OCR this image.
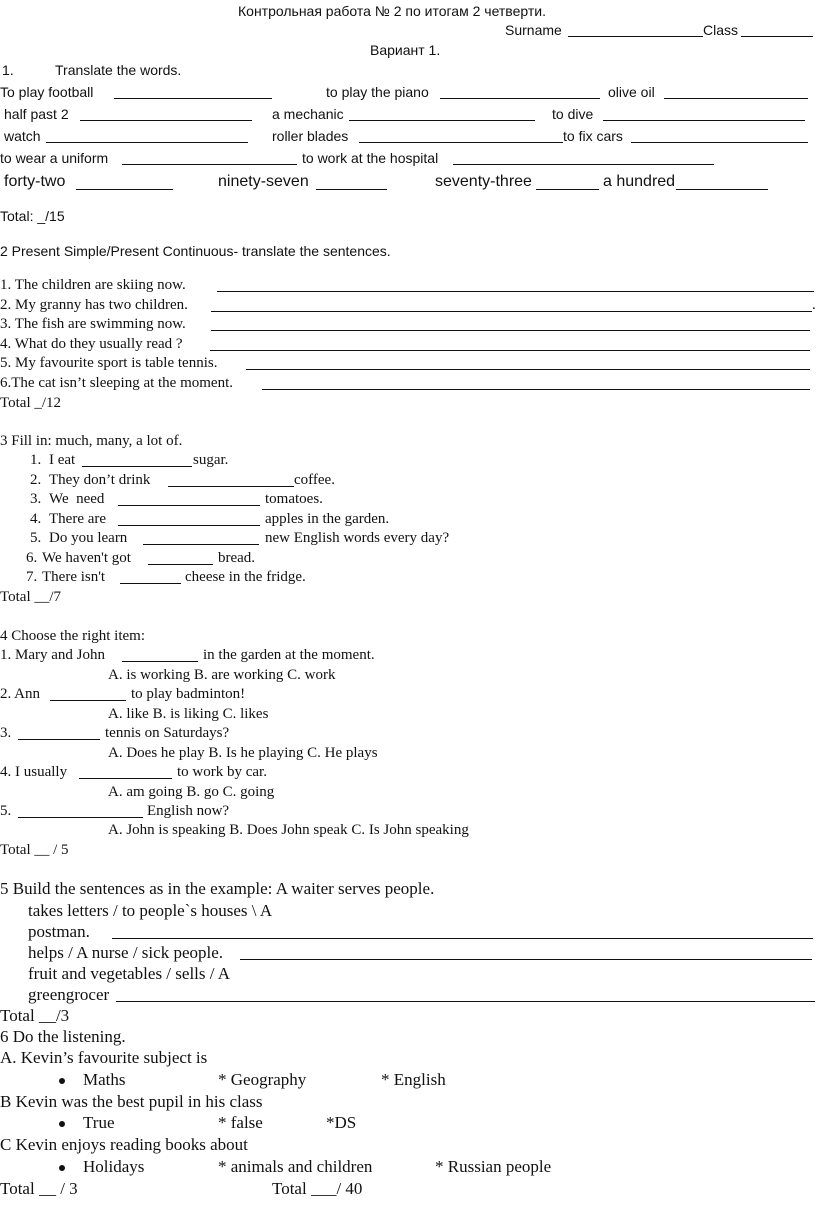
Контрольная работа № 2 по итогам 2 четверти.
Surname	Class
Вариант 1.
1.	Translate the words.
To play football	to play the piano	olive oil
half past 2	a mechanic	to dive
watch	roller blades	to fix cars
to wear a uniform	to work at the hospital
forty-two	ninety-seven	seventy-three	a hundred
Total: _/15
2 Present Simple/Present Continuous- translate the sentences.
1. The children are skiing now.
2. My granny has two children.	.
3. The fish are swimming now.
4. What do they usually read ?
5. My favourite sport is table tennis.
6.The cat isn’t sleeping at the moment.
Total _/12
3 Fill in: much, many, a lot of.
1. I eat	sugar.
2. They don’t drink	coffee.
3. We  need	tomatoes.
4. There are	apples in the garden.
5. Do you learn	new English words every day?
6. We haven't got	bread.
7. There isn't	cheese in the fridge.
Total __/7
4 Choose the right item:
1. Mary and John	in the garden at the moment.
A. is working B. are working C. work
2. Ann	to play badminton!
A. like B. is liking C. likes
3.	tennis on Saturdays?
A. Does he play B. Is he playing C. He plays
4. I usually	to work by car.
A. am going B. go C. going
5.	English now?
A. John is speaking B. Does John speak C. Is John speaking
Total __ / 5
5 Build the sentences as in the example: A waiter serves people.
takes letters / to people`s houses \ A
postman.
helps / A nurse / sick people.
fruit and vegetables / sells / A
greengrocer
Total __/3
6 Do the listening.
A. Kevin’s favourite subject is
Maths	* Geography	* English
B Kevin was the best pupil in his class
True	* false	*DS
C Kevin enjoys reading books about
Holidays	* animals and children	* Russian people
Total __ / 3	Total ___/ 40
